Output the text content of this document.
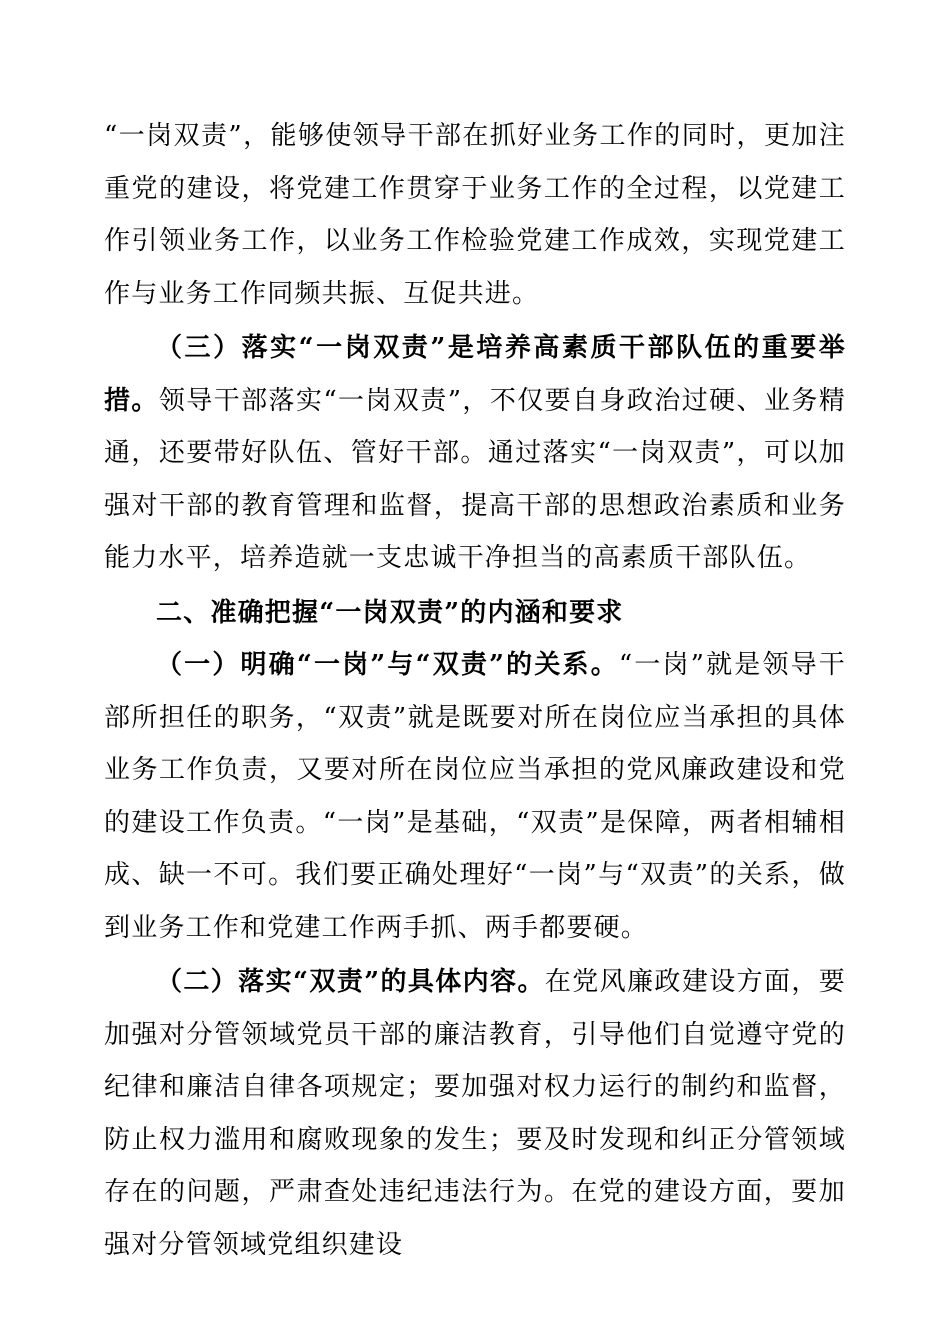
“一岗双责”，能够使领导干部在抓好业务工作的同时，更加注重党的建设，将党建工作贯穿于业务工作的全过程，以党建工作引领业务工作，以业务工作检验党建工作成效，实现党建工作与业务工作同频共振、互促共进。

（三）落实“一岗双责”是培养高素质干部队伍的重要举措。领导干部落实“一岗双责”，不仅要自身政治过硬、业务精通，还要带好队伍、管好干部。通过落实“一岗双责”，可以加强对干部的教育管理和监督，提高干部的思想政治素质和业务能力水平，培养造就一支忠诚干净担当的高素质干部队伍。

二、准确把握“一岗双责”的内涵和要求

（一）明确“一岗”与“双责”的关系。“一岗”就是领导干部所担任的职务，“双责”就是既要对所在岗位应当承担的具体业务工作负责，又要对所在岗位应当承担的党风廉政建设和党的建设工作负责。“一岗”是基础，“双责”是保障，两者相辅相成、缺一不可。我们要正确处理好“一岗”与“双责”的关系，做到业务工作和党建工作两手抓、两手都要硬。

（二）落实“双责”的具体内容。在党风廉政建设方面，要加强对分管领域党员干部的廉洁教育，引导他们自觉遵守党的纪律和廉洁自律各项规定；要加强对权力运行的制约和监督，防止权力滥用和腐败现象的发生；要及时发现和纠正分管领域存在的问题，严肃查处违纪违法行为。在党的建设方面，要加强对分管领域党组织建设
